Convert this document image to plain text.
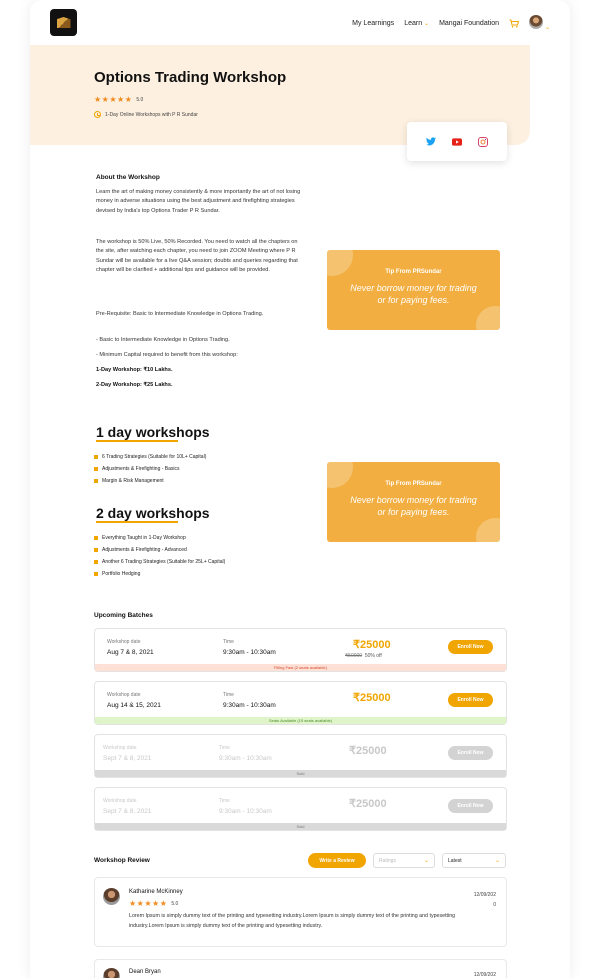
My Learnings Learn ⌄ Mangai Foundation
⌄
Options Trading Workshop
★★★★★ 5.0
1-Day Online Workshops with P R Sundar
About the Workshop
Learn the art of making money consistently & more importantly the art of not losing money in adverse situations using the best adjustment and firefighting strategies devised by India's top Options Trader P R Sundar.
The workshop is 50% Live, 50% Recorded. You need to watch all the chapters on the site, after watching each chapter, you need to join ZOOM Meeting where P R Sundar will be available for a live Q&A session; doubts and queries regarding that chapter will be clarified + additional tips and guidance will be provided.
Pre-Requisite: Basic to Intermediate Knowledge in Options Trading.
- Basic to Intermediate Knowledge in Options Trading.
- Minimum Capital required to benefit from this workshop:
1-Day Workshop: ₹10 Lakhs.
2-Day Workshop: ₹25 Lakhs.
Tip From PRSundar
Never borrow money for trading or for paying fees.
1 day workshops
6 Trading Strategies (Suitable for 10L+ Capital)
Adjustments & Firefighting - Basics
Margin & Risk Management	Tip From PRSundar
Never borrow money for trading or for paying fees.
2 day workshops
Everything Taught in 1-Day Workshop
Adjustments & Firefighting - Advanced
Another 6 Trading Strategies (Suitable for 25L+ Capital)
Portfolio Hedging
Upcoming Batches
Workshop date
Aug 7 & 8, 2021
Time
9:30am - 10:30am
₹25000
₹50000 50% off
Enroll Now
Filling Fast (2 seats available)
Workshop date
Aug 14 & 15, 2021
Time
9:30am - 10:30am
₹25000	Enroll Now
Seats Available (15 seats available)
Workshop date
Sept 7 & 8, 2021
Time
9:30am - 10:30am
₹25000	Enroll Now
Sold
Workshop date
Sept 7 & 8, 2021
Time
9:30am - 10:30am
₹25000	Enroll Now
Sold
Workshop Review	Write a Review	Ratings	⌄	Latest	⌄
Katharine McKinney
★★★★★ 5.0
12/09/2020
Lorem Ipsum is simply dummy text of the printing and typesetting industry.Lorem Ipsum is simply dummy text of the printing and typesetting industry.Lorem Ipsum is simply dummy text of the printing and typesetting industry.
Dean Bryan	12/09/202
